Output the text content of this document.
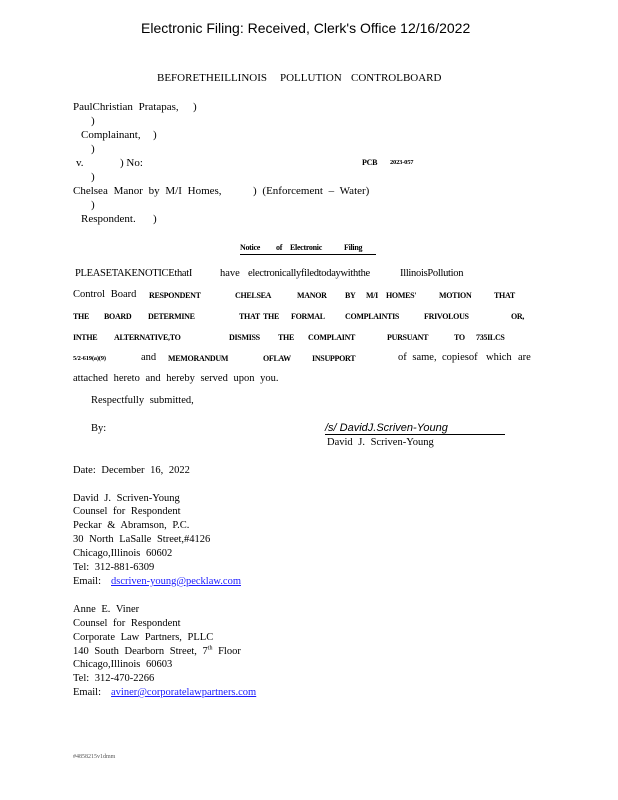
Electronic Filing: Received, Clerk's Office 12/16/2022
BEFORETHEILLINOIS POLLUTION CONTROLBOARD
PaulChristian Pratapas, )
)
Complainant, )
)
v.	) No:	PCB 2023-057
)
Chelsea Manor by M/I Homes,	) (Enforcement – Water)
)
Respondent. )
Notice of Electronic	Filing
PLEASETAKENOTICEthatI	have electronicallyfiledtodaywiththe	IllinoisPollution
Control Board RESPONDENT	CHELSEA	MANOR BY M/I HOMES'	MOTION	THAT
THE BOARD DETERMINE	THAT THE FORMAL	COMPLAINTIS	FRIVOLOUS	OR,
INTHE ALTERNATIVE,TO	DISMISS THE COMPLAINT	PURSUANT	TO 735ILCS
5/2-619(a)(9)	and MEMORANDUM	OFLAW	INSUPPORT	of same, copiesof which are
attached hereto and hereby served upon you.
Respectfully submitted,
By:	/s/ DavidJ.Scriven-Young
David J. Scriven-Young
Date: December 16, 2022
David J. Scriven-Young
Counsel for Respondent
Peckar & Abramson, P.C.
30 North LaSalle Street,#4126
Chicago,Illinois 60602
Tel: 312-881-6309
Email: dscriven-young@pecklaw.com
Anne E. Viner
Counsel for Respondent
Corporate Law Partners, PLLC
140 South Dearborn Street, 7th Floor
Chicago,Illinois 60603
Tel: 312-470-2266
Email: aviner@corporatelawpartners.com
#4858215v1dmm
